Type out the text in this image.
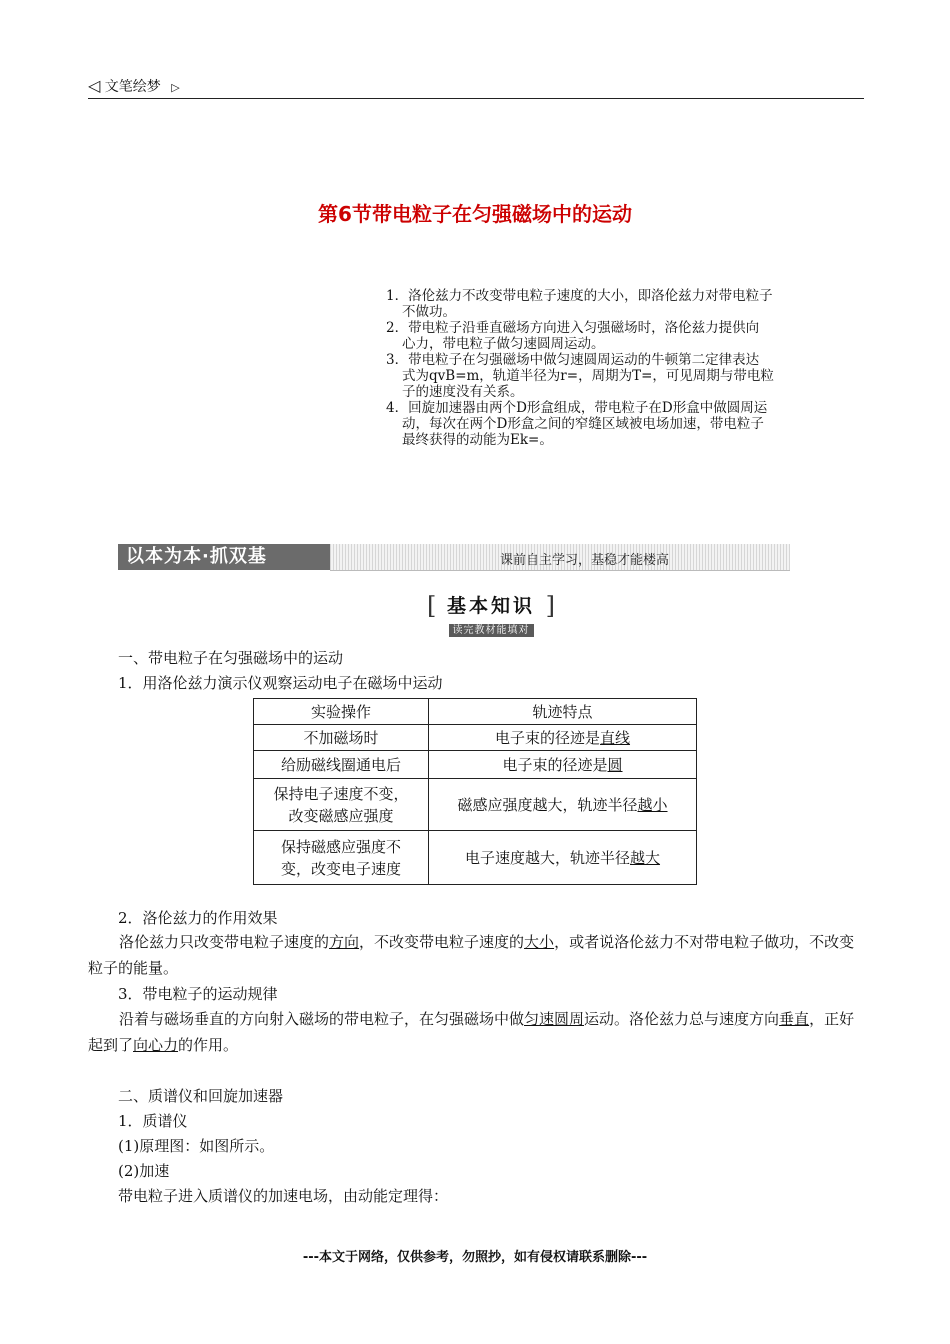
◁ 文笔绘梦 ▷
第6节带电粒子在匀强磁场中的运动

1．洛伦兹力不改变带电粒子速度的大小，即洛伦兹力对带电粒子

不做功。

2．带电粒子沿垂直磁场方向进入匀强磁场时，洛伦兹力提供向

心力，带电粒子做匀速圆周运动。

3．带电粒子在匀强磁场中做匀速圆周运动的牛顿第二定律表达

式为qvB=m，轨道半径为r=，周期为T=，可见周期与带电粒

子的速度没有关系。

4．回旋加速器由两个D形盒组成，带电粒子在D形盒中做圆周运

动，每次在两个D形盒之间的窄缝区域被电场加速，带电粒子

最终获得的动能为Ek=。

以本为本·抓双基	课前自主学习，基稳才能楼高
[ 基本知识
读完教材能填对
]
一、带电粒子在匀强磁场中的运动
1．用洛伦兹力演示仪观察运动电子在磁场中运动
实验操作	轨迹特点
不加磁场时	电子束的径迹是直线
给励磁线圈通电后	电子束的径迹是圆
保持电子速度不变，
改变磁感应强度	磁感应强度越大，轨迹半径越小
保持磁感应强度不
变，改变电子速度	电子速度越大，轨迹半径越大
2．洛伦兹力的作用效果
洛伦兹力只改变带电粒子速度的方向，不改变带电粒子速度的大小，或者说洛伦兹力不对带电粒子做功，不改变粒子的能量。
3．带电粒子的运动规律
沿着与磁场垂直的方向射入磁场的带电粒子，在匀强磁场中做匀速圆周运动。洛伦兹力总与速度方向垂直，正好起到了向心力的作用。
二、质谱仪和回旋加速器
1．质谱仪
(1)原理图：如图所示。
(2)加速
带电粒子进入质谱仪的加速电场，由动能定理得：
---本文于网络，仅供参考，勿照抄，如有侵权请联系删除---
